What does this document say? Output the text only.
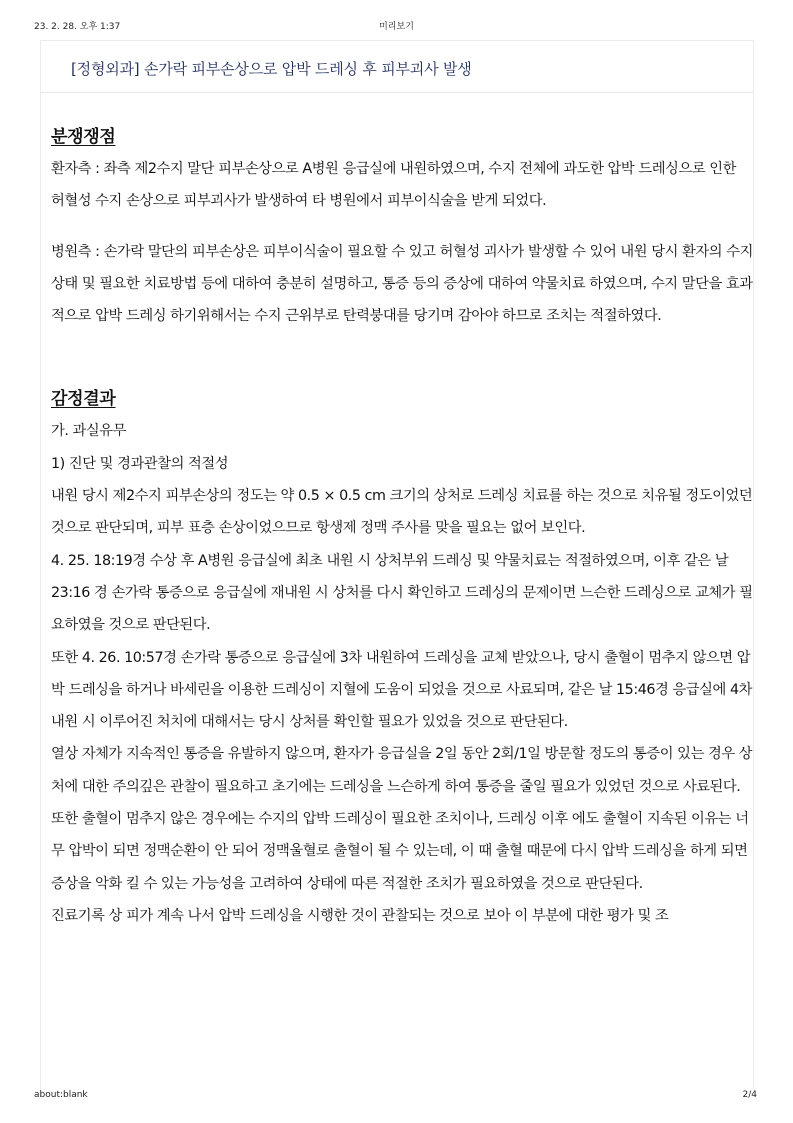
23. 2. 28. 오후 1:37	미리보기
[정형외과] 손가락 피부손상으로 압박 드레싱 후 피부괴사 발생
분쟁쟁점

환자측 : 좌측 제2수지 말단 피부손상으로 A병원 응급실에 내원하였으며, 수지 전체에 과도한 압박 드레싱으로 인한 허혈성 수지 손상으로 피부괴사가 발생하여 타 병원에서 피부이식술을 받게 되었다.

병원측 : 손가락 말단의 피부손상은 피부이식술이 필요할 수 있고 허혈성 괴사가 발생할 수 있어 내원 당시 환자의 수지 상태 및 필요한 치료방법 등에 대하여 충분히 설명하고, 통증 등의 증상에 대하여 약물치료 하였으며, 수지 말단을 효과적으로 압박 드레싱 하기위해서는 수지 근위부로 탄력붕대를 당기며 감아야 하므로 조치는 적절하였다.

감정결과

가. 과실유무

1) 진단 및 경과관찰의 적절성

내원 당시 제2수지 피부손상의 정도는 약 0.5 × 0.5 cm 크기의 상처로 드레싱 치료를 하는 것으로 치유될 정도이었던 것으로 판단되며, 피부 표층 손상이었으므로 항생제 정맥 주사를 맞을 필요는 없어 보인다.

4. 25. 18:19경 수상 후 A병원 응급실에 최초 내원 시 상처부위 드레싱 및 약물치료는 적절하였으며, 이후 같은 날 23:16 경 손가락 통증으로 응급실에 재내원 시 상처를 다시 확인하고 드레싱의 문제이면 느슨한 드레싱으로 교체가 필요하였을 것으로 판단된다.

또한 4. 26. 10:57경 손가락 통증으로 응급실에 3차 내원하여 드레싱을 교체 받았으나, 당시 출혈이 멈추지 않으면 압박 드레싱을 하거나 바세린을 이용한 드레싱이 지혈에 도움이 되었을 것으로 사료되며, 같은 날 15:46경 응급실에 4차 내원 시 이루어진 처치에 대해서는 당시 상처를 확인할 필요가 있었을 것으로 판단된다.

열상 자체가 지속적인 통증을 유발하지 않으며, 환자가 응급실을 2일 동안 2회/1일 방문할 정도의 통증이 있는 경우 상처에 대한 주의깊은 관찰이 필요하고 초기에는 드레싱을 느슨하게 하여 통증을 줄일 필요가 있었던 것으로 사료된다.

또한 출혈이 멈추지 않은 경우에는 수지의 압박 드레싱이 필요한 조치이나, 드레싱 이후 에도 출혈이 지속된 이유는 너무 압박이 되면 정맥순환이 안 되어 정맥울혈로 출혈이 될 수 있는데, 이 때 출혈 때문에 다시 압박 드레싱을 하게 되면 증상을 악화 킬 수 있는 가능성을 고려하여 상태에 따른 적절한 조치가 필요하였을 것으로 판단된다.

진료기록 상 피가 계속 나서 압박 드레싱을 시행한 것이 관찰되는 것으로 보아 이 부분에 대한 평가 및 조

about:blank	2/4
